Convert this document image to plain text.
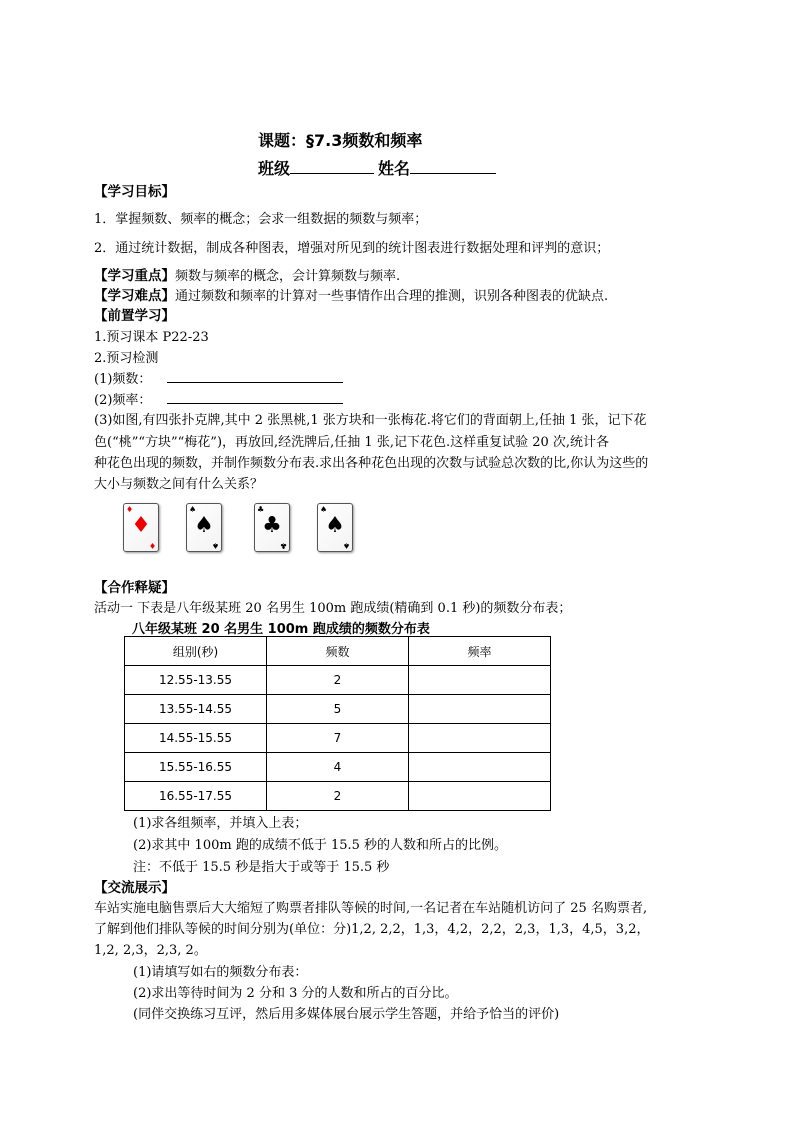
课题：§7.3频数和频率
班级	姓名
【学习目标】
1．掌握频数、频率的概念；会求一组数据的频数与频率；
2．通过统计数据，制成各种图表，增强对所见到的统计图表进行数据处理和评判的意识；
【学习重点】频数与频率的概念，会计算频数与频率.
【学习难点】通过频数和频率的计算对一些事情作出合理的推测，识别各种图表的优缺点.
【前置学习】
1.预习课本 P22-23
2.预习检测
(1)频数：
(2)频率：
(3)如图,有四张扑克牌,其中 2 张黑桃,1 张方块和一张梅花.将它们的背面朝上,任抽 1 张，记下花
色(“桃”“方块”“梅花”)，再放回,经洗牌后,任抽 1 张,记下花色.这样重复试验 20 次,统计各
种花色出现的频数，并制作频数分布表.求出各种花色出现的次数与试验总次数的比,你认为这些的
大小与频数之间有什么关系？
♦
♦
♦
♠
♠
♠
♣
♣
♣
♠
♠
♠
【合作释疑】
活动一 下表是八年级某班 20 名男生 100m 跑成绩(精确到 0.1 秒)的频数分布表；
八年级某班 20 名男生 100m 跑成绩的频数分布表
组别(秒)	频数	频率
12.55-13.55	2	
13.55-14.55	5	
14.55-15.55	7	
15.55-16.55	4	
16.55-17.55	2	
(1)求各组频率，并填入上表；
(2)求其中 100m 跑的成绩不低于 15.5 秒的人数和所占的比例。
注：不低于 15.5 秒是指大于或等于 15.5 秒
【交流展示】
车站实施电脑售票后大大缩短了购票者排队等候的时间,一名记者在车站随机访问了 25 名购票者,
了解到他们排队等候的时间分别为(单位：分)1,2, 2,2，1,3，4,2，2,2，2,3，1,3，4,5，3,2，
1,2, 2,3，2,3, 2。
(1)请填写如右的频数分布表：
(2)求出等待时间为 2 分和 3 分的人数和所占的百分比。
(同伴交换练习互评，然后用多媒体展台展示学生答题，并给予恰当的评价)
